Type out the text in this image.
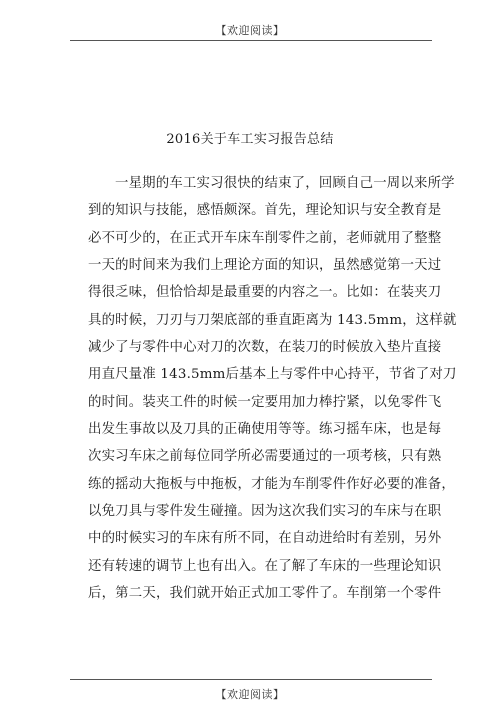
【欢迎阅读】
2016关于车工实习报告总结
一星期的车工实习很快的结束了，回顾自己一周以来所学
到的知识与技能，感悟颇深。首先，理论知识与安全教育是
必不可少的，在正式开车床车削零件之前，老师就用了整整
一天的时间来为我们上理论方面的知识，虽然感觉第一天过
得很乏味，但恰恰却是最重要的内容之一。比如：在装夹刀
具的时候，刀刃与刀架底部的垂直距离为 143.5mm，这样就
减少了与零件中心对刀的次数，在装刀的时候放入垫片直接
用直尺量准 143.5mm后基本上与零件中心持平，节省了对刀
的时间。装夹工件的时候一定要用加力棒拧紧，以免零件飞
出发生事故以及刀具的正确使用等等。练习摇车床，也是每
次实习车床之前每位同学所必需要通过的一项考核，只有熟
练的摇动大拖板与中拖板，才能为车削零件作好必要的准备，
以免刀具与零件发生碰撞。因为这次我们实习的车床与在职
中的时候实习的车床有所不同，在自动进给时有差别，另外
还有转速的调节上也有出入。在了解了车床的一些理论知识
后，第二天，我们就开始正式加工零件了。车削第一个零件
【欢迎阅读】
